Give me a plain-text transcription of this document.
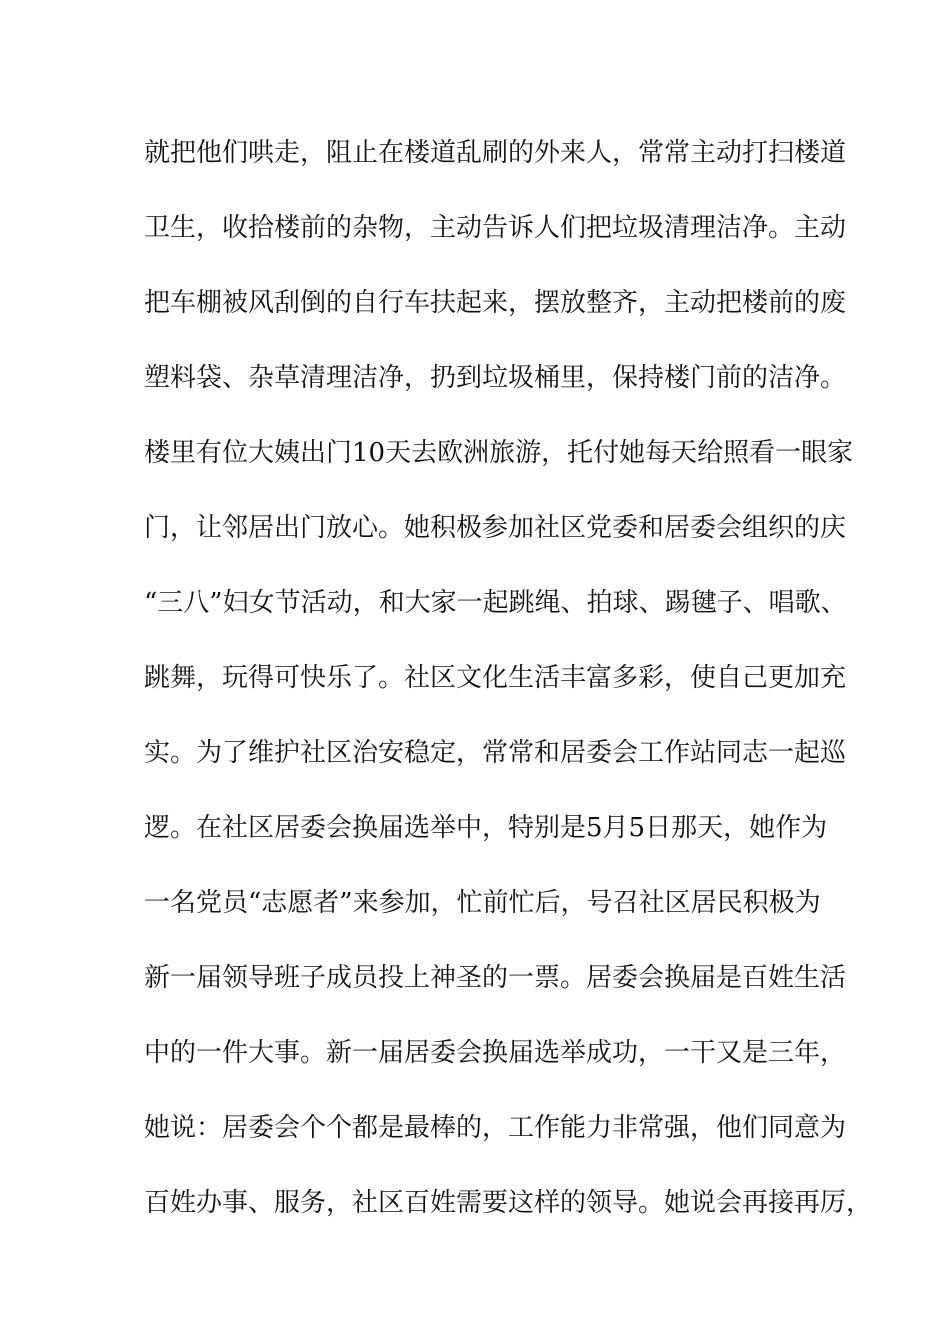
就把他们哄走，阻止在楼道乱刷的外来人，常常主动打扫楼道
卫生，收拾楼前的杂物，主动告诉人们把垃圾清理洁净。主动
把车棚被风刮倒的自行车扶起来，摆放整齐，主动把楼前的废
塑料袋、杂草清理洁净，扔到垃圾桶里，保持楼门前的洁净。
楼里有位大姨出门10天去欧洲旅游，托付她每天给照看一眼家
门，让邻居出门放心。她积极参加社区党委和居委会组织的庆
“三八”妇女节活动，和大家一起跳绳、拍球、踢毽子、唱歌、
跳舞，玩得可快乐了。社区文化生活丰富多彩，使自己更加充
实。为了维护社区治安稳定，常常和居委会工作站同志一起巡
逻。在社区居委会换届选举中，特别是5月5日那天，她作为
一名党员“志愿者”来参加，忙前忙后，号召社区居民积极为
新一届领导班子成员投上神圣的一票。居委会换届是百姓生活
中的一件大事。新一届居委会换届选举成功，一干又是三年，
她说：居委会个个都是最棒的，工作能力非常强，他们同意为
百姓办事、服务，社区百姓需要这样的领导。她说会再接再厉，
